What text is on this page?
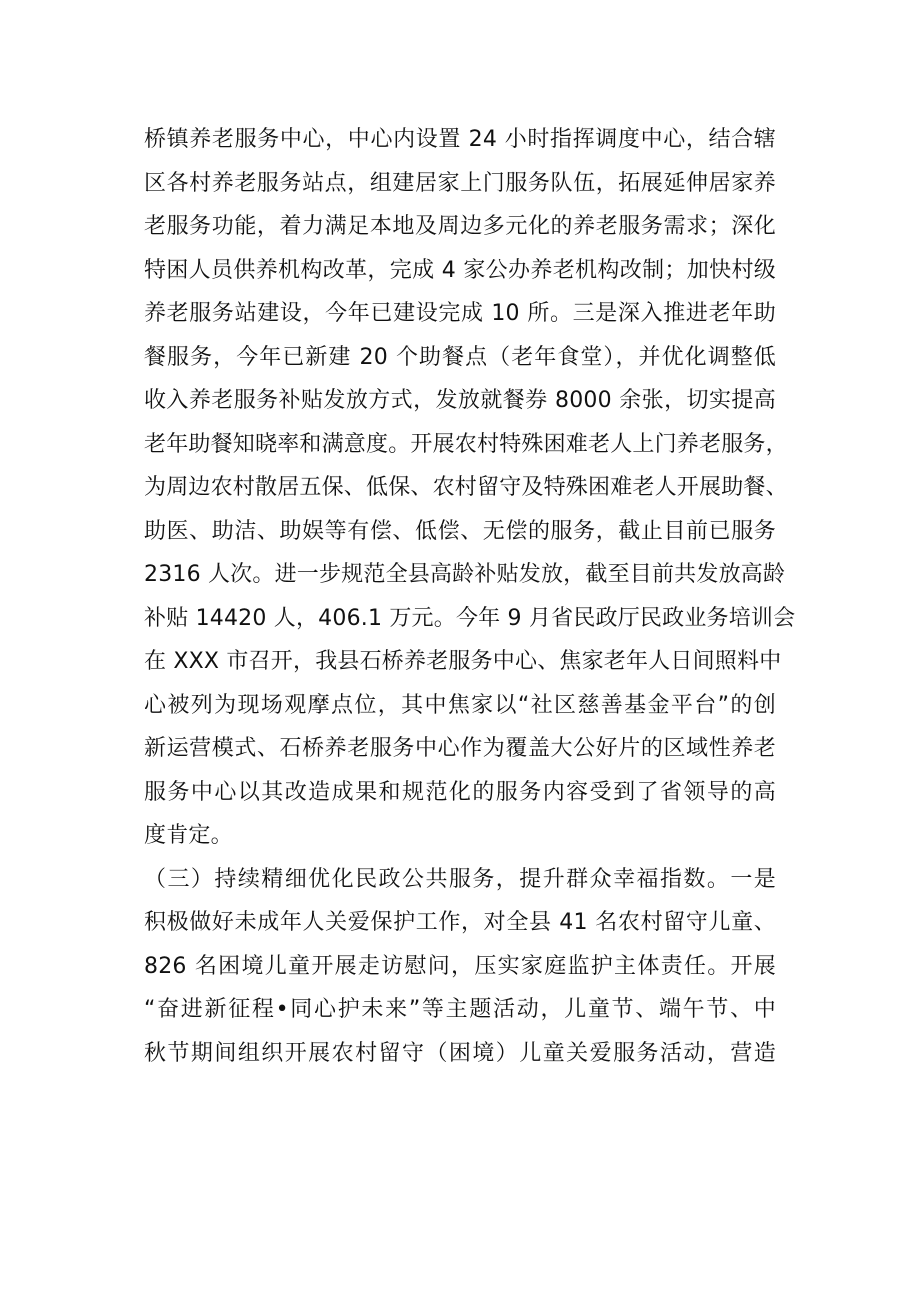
桥镇养老服务中心，中心内设置 24 小时指挥调度中心，结合辖
区各村养老服务站点，组建居家上门服务队伍，拓展延伸居家养
老服务功能，着力满足本地及周边多元化的养老服务需求；深化
特困人员供养机构改革，完成 4 家公办养老机构改制；加快村级
养老服务站建设，今年已建设完成 10 所。三是深入推进老年助
餐服务，今年已新建 20 个助餐点（老年食堂），并优化调整低
收入养老服务补贴发放方式，发放就餐券 8000 余张，切实提高
老年助餐知晓率和满意度。开展农村特殊困难老人上门养老服务，
为周边农村散居五保、低保、农村留守及特殊困难老人开展助餐、
助医、助洁、助娱等有偿、低偿、无偿的服务，截止目前已服务
2316 人次。进一步规范全县高龄补贴发放，截至目前共发放高龄
补贴 14420 人，406.1 万元。今年 9 月省民政厅民政业务培训会
在 XXX 市召开，我县石桥养老服务中心、焦家老年人日间照料中
心被列为现场观摩点位，其中焦家以“社区慈善基金平台”的创
新运营模式、石桥养老服务中心作为覆盖大公好片的区域性养老
服务中心以其改造成果和规范化的服务内容受到了省领导的高
度肯定。
（三）持续精细优化民政公共服务，提升群众幸福指数。一是
积极做好未成年人关爱保护工作，对全县 41 名农村留守儿童、
826 名困境儿童开展走访慰问，压实家庭监护主体责任。开展
“奋进新征程•同心护未来”等主题活动，儿童节、端午节、中
秋节期间组织开展农村留守（困境）儿童关爱服务活动，营造
